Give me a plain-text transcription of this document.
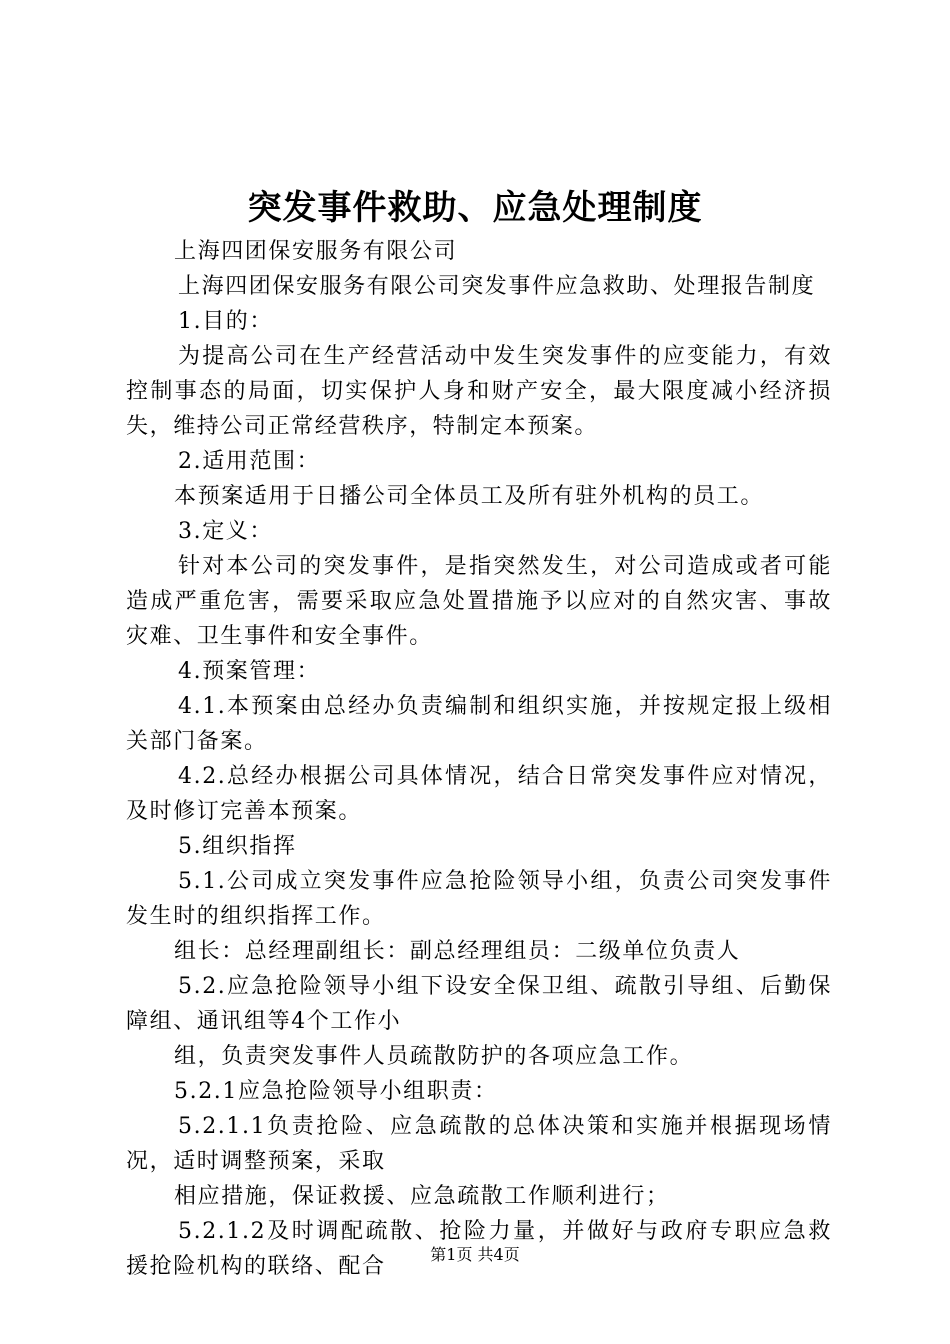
突发事件救助、应急处理制度

上海四团保安服务有限公司

上海四团保安服务有限公司突发事件应急救助、处理报告制度

1.目的：

为提高公司在生产经营活动中发生突发事件的应变能力，有效控制事态的局面，切实保护人身和财产安全，最大限度减小经济损失，维持公司正常经营秩序，特制定本预案。

2.适用范围：

本预案适用于日播公司全体员工及所有驻外机构的员工。

3.定义：

针对本公司的突发事件，是指突然发生，对公司造成或者可能造成严重危害，需要采取应急处置措施予以应对的自然灾害、事故灾难、卫生事件和安全事件。

4.预案管理：

4.1.本预案由总经办负责编制和组织实施，并按规定报上级相关部门备案。

4.2.总经办根据公司具体情况，结合日常突发事件应对情况，及时修订完善本预案。

5.组织指挥

5.1.公司成立突发事件应急抢险领导小组，负责公司突发事件发生时的组织指挥工作。

组长：总经理副组长：副总经理组员：二级单位负责人

5.2.应急抢险领导小组下设安全保卫组、疏散引导组、后勤保障组、通讯组等4个工作小

组，负责突发事件人员疏散防护的各项应急工作。

5.2.1应急抢险领导小组职责：

5.2.1.1负责抢险、应急疏散的总体决策和实施并根据现场情况，适时调整预案，采取

相应措施，保证救援、应急疏散工作顺利进行；

5.2.1.2及时调配疏散、抢险力量，并做好与政府专职应急救援抢险机构的联络、配合	第1页 共4页
